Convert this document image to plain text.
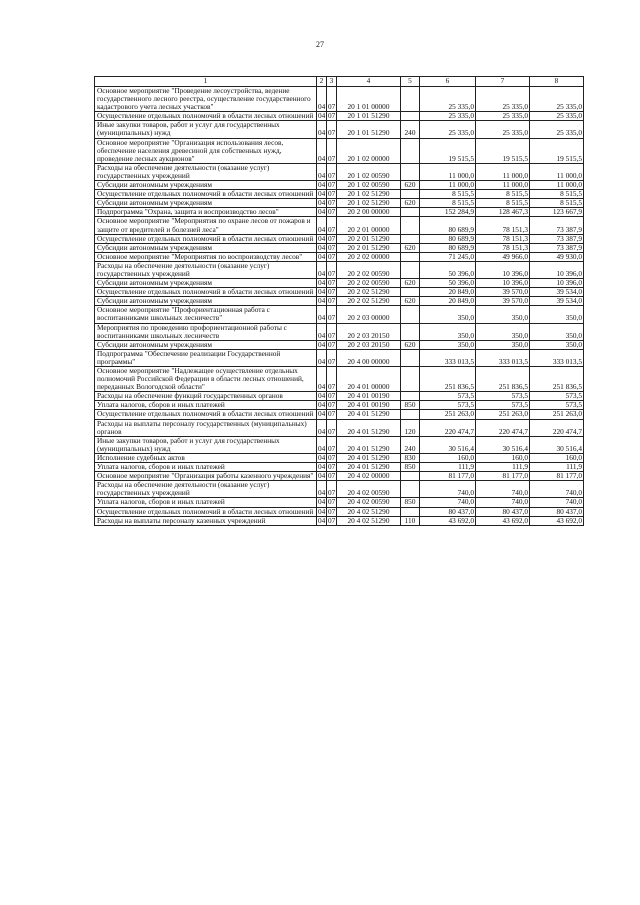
27
1	2	3	4	5	6	7	8
Основное мероприятие "Проведение лесоустройства, ведение государственного лесного реестра, осуществление государственного кадастрового учета лесных участков"	04	07	20 1 01 00000		25 335,0	25 335,0	25 335,0
Осуществление отдельных полномочий в области лесных отношений	04	07	20 1 01 51290		25 335,0	25 335,0	25 335,0
Иные закупки товаров, работ и услуг для государственных (муниципальных) нужд	04	07	20 1 01 51290	240	25 335,0	25 335,0	25 335,0
Основное мероприятие "Организация использования лесов, обеспечение населения древесиной для собственных нужд, проведение лесных аукционов"	04	07	20 1 02 00000		19 515,5	19 515,5	19 515,5
Расходы на обеспечение деятельности (оказание услуг) государственных учреждений	04	07	20 1 02 00590		11 000,0	11 000,0	11 000,0
Субсидии автономным учреждениям	04	07	20 1 02 00590	620	11 000,0	11 000,0	11 000,0
Осуществление отдельных полномочий в области лесных отношений	04	07	20 1 02 51290		8 515,5	8 515,5	8 515,5
Субсидии автономным учреждениям	04	07	20 1 02 51290	620	8 515,5	8 515,5	8 515,5
Подпрограмма "Охрана, защита и воспроизводство лесов"	04	07	20 2 00 00000		152 284,9	128 467,3	123 667,9
Основное мероприятие "Мероприятия по охране лесов от пожаров и защите от вредителей и болезней леса"	04	07	20 2 01 00000		80 689,9	78 151,3	73 387,9
Осуществление отдельных полномочий в области лесных отношений	04	07	20 2 01 51290		80 689,9	78 151,3	73 387,9
Субсидии автономным учреждениям	04	07	20 2 01 51290	620	80 689,9	78 151,3	73 387,9
Основное мероприятие "Мероприятия по воспроизводству лесов"	04	07	20 2 02 00000		71 245,0	49 966,0	49 930,0
Расходы на обеспечение деятельности (оказание услуг) государственных учреждений	04	07	20 2 02 00590		50 396,0	10 396,0	10 396,0
Субсидии автономным учреждениям	04	07	20 2 02 00590	620	50 396,0	10 396,0	10 396,0
Осуществление отдельных полномочий в области лесных отношений	04	07	20 2 02 51290		20 849,0	39 570,0	39 534,0
Субсидии автономным учреждениям	04	07	20 2 02 51290	620	20 849,0	39 570,0	39 534,0
Основное мероприятие "Профориентационная работа с воспитанниками школьных лесничеств"	04	07	20 2 03 00000		350,0	350,0	350,0
Мероприятия по проведению профориентационной работы с воспитанниками школьных лесничеств	04	07	20 2 03 20150		350,0	350,0	350,0
Субсидии автономным учреждениям	04	07	20 2 03 20150	620	350,0	350,0	350,0
Подпрограмма "Обеспечение реализации Государственной программы"	04	07	20 4 00 00000		333 013,5	333 013,5	333 013,5
Основное мероприятие "Надлежащее осуществление отдельных полномочий Российской Федерации в области лесных отношений, переданных Вологодской области"	04	07	20 4 01 00000		251 836,5	251 836,5	251 836,5
Расходы на обеспечение функций государственных органов	04	07	20 4 01 00190		573,5	573,5	573,5
Уплата налогов, сборов и иных платежей	04	07	20 4 01 00190	850	573,5	573,5	573,5
Осуществление отдельных полномочий в области лесных отношений	04	07	20 4 01 51290		251 263,0	251 263,0	251 263,0
Расходы на выплаты персоналу государственных (муниципальных) органов	04	07	20 4 01 51290	120	220 474,7	220 474,7	220 474,7
Иные закупки товаров, работ и услуг для государственных (муниципальных) нужд	04	07	20 4 01 51290	240	30 516,4	30 516,4	30 516,4
Исполнение судебных актов	04	07	20 4 01 51290	830	160,0	160,0	160,0
Уплата налогов, сборов и иных платежей	04	07	20 4 01 51290	850	111,9	111,9	111,9
Основное мероприятие "Организация работы казенного учреждения"	04	07	20 4 02 00000		81 177,0	81 177,0	81 177,0
Расходы на обеспечение деятельности (оказание услуг) государственных учреждений	04	07	20 4 02 00590		740,0	740,0	740,0
Уплата налогов, сборов и иных платежей	04	07	20 4 02 00590	850	740,0	740,0	740,0
Осуществление отдельных полномочий в области лесных отношений	04	07	20 4 02 51290		80 437,0	80 437,0	80 437,0
Расходы на выплаты персоналу казенных учреждений	04	07	20 4 02 51290	110	43 692,0	43 692,0	43 692,0
